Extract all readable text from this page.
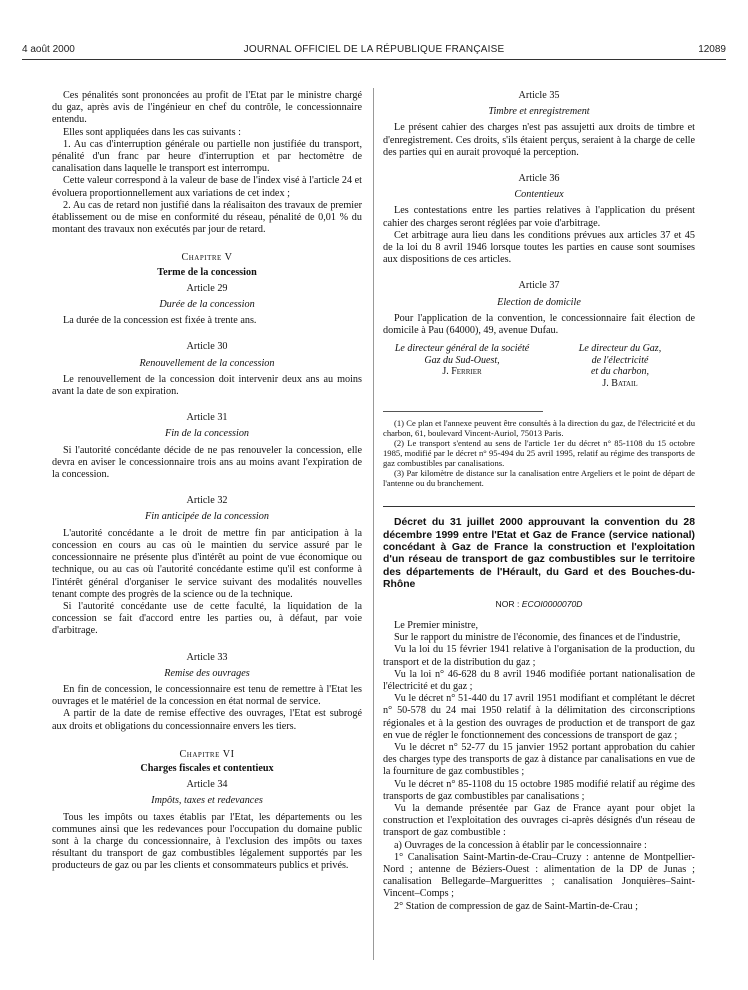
4 août 2000	JOURNAL OFFICIEL DE LA RÉPUBLIQUE FRANÇAISE	12089

Ces pénalités sont prononcées au profit de l'Etat par le ministre chargé du gaz, après avis de l'ingénieur en chef du contrôle, le concessionnaire entendu.

Elles sont appliquées dans les cas suivants :

1. Au cas d'interruption générale ou partielle non justifiée du transport, pénalité d'un franc par heure d'interruption et par hectomètre de canalisation dans laquelle le transport est interrompu.

Cette valeur correspond à la valeur de base de l'index visé à l'article 24 et évoluera proportionnellement aux variations de cet index ;

2. Au cas de retard non justifié dans la réalisaiton des travaux de premier établissement ou de mise en conformité du réseau, pénalité de 0,01 % du montant des travaux non exécutés par jour de retard.

Chapitre V
Terme de la concession
Article 29
Durée de la concession

La durée de la concession est fixée à trente ans.

Article 30
Renouvellement de la concession

Le renouvellement de la concession doit intervenir deux ans au moins avant la date de son expiration.

Article 31
Fin de la concession

Si l'autorité concédante décide de ne pas renouveler la concession, elle devra en aviser le concessionnaire trois ans au moins avant l'expiration de la concession.

Article 32
Fin anticipée de la concession

L'autorité concédante a le droit de mettre fin par anticipation à la concession en cours au cas où le maintien du service assuré par le concessionnaire ne présente plus d'intérêt au point de vue économique ou technique, ou au cas où l'autorité concédante estime qu'il est conforme à l'intérêt général d'organiser le service suivant des modalités nouvelles tenant compte des progrès de la science ou de la technique.

Si l'autorité concédante use de cette faculté, la liquidation de la concession se fait d'accord entre les parties ou, à défaut, par voie d'arbitrage.

Article 33
Remise des ouvrages

En fin de concession, le concessionnaire est tenu de remettre à l'Etat les ouvrages et le matériel de la concession en état normal de service.

A partir de la date de remise effective des ouvrages, l'Etat est subrogé aux droits et obligations du concessionnaire envers les tiers.

Chapitre VI
Charges fiscales et contentieux
Article 34
Impôts, taxes et redevances

Tous les impôts ou taxes établis par l'Etat, les départements ou les communes ainsi que les redevances pour l'occupation du domaine public sont à la charge du concessionnaire, à l'exclusion des impôts ou taxes résultant du transport de gaz combustibles légalement supportés par les producteurs de gaz ou par les clients et consommateurs publics et privés.

Article 35
Timbre et enregistrement

Le présent cahier des charges n'est pas assujetti aux droits de timbre et d'enregistrement. Ces droits, s'ils étaient perçus, seraient à la charge de celle des parties qui en aurait provoqué la perception.

Article 36
Contentieux

Les contestations entre les parties relatives à l'application du présent cahier des charges seront réglées par voie d'arbitrage.

Cet arbitrage aura lieu dans les conditions prévues aux articles 37 et 45 de la loi du 8 avril 1946 lorsque toutes les parties en cause sont soumises aux dispositions de ces articles.

Article 37
Election de domicile

Pour l'application de la convention, le concessionnaire fait élection de domicile à Pau (64000), 49, avenue Dufau.

Le directeur général de la société
Gaz du Sud-Ouest,
J. Ferrier
Le directeur du Gaz,
de l'électricité
et du charbon,
J. Batail

(1) Ce plan et l'annexe peuvent être consultés à la direction du gaz, de l'électricité et du charbon, 61, boulevard Vincent-Auriol, 75013 Paris.

(2) Le transport s'entend au sens de l'article 1er du décret n° 85-1108 du 15 octobre 1985, modifié par le décret n° 95-494 du 25 avril 1995, relatif au régime des transports de gaz combustibles par canalisations.

(3) Par kilomètre de distance sur la canalisation entre Argeliers et le point de départ de l'antenne ou du branchement.

Décret du 31 juillet 2000 approuvant la convention du 28 décembre 1999 entre l'Etat et Gaz de France (service national) concédant à Gaz de France la construction et l'exploitation d'un réseau de transport de gaz combustibles sur le territoire des départements de l'Hérault, du Gard et des Bouches-du-Rhône

NOR : ECOI0000070D

Le Premier ministre,

Sur le rapport du ministre de l'économie, des finances et de l'industrie,

Vu la loi du 15 février 1941 relative à l'organisation de la production, du transport et de la distribution du gaz ;

Vu la loi n° 46-628 du 8 avril 1946 modifiée portant nationalisation de l'électricité et du gaz ;

Vu le décret n° 51-440 du 17 avril 1951 modifiant et complétant le décret n° 50-578 du 24 mai 1950 relatif à la délimitation des circonscriptions régionales et à la gestion des ouvrages de production et de transport de gaz en vue de régler le fonctionnement des concessions de transport de gaz ;

Vu le décret n° 52-77 du 15 janvier 1952 portant approbation du cahier des charges type des transports de gaz à distance par canalisations en vue de la fourniture de gaz combustibles ;

Vu le décret n° 85-1108 du 15 octobre 1985 modifié relatif au régime des transports de gaz combustibles par canalisations ;

Vu la demande présentée par Gaz de France ayant pour objet la construction et l'exploitation des ouvrages ci-après désignés d'un réseau de transport de gaz combustible :

a) Ouvrages de la concession à établir par le concessionnaire :

1° Canalisation Saint-Martin-de-Crau–Cruzy : antenne de Montpellier-Nord ; antenne de Béziers-Ouest : alimentation de la DP de Junas ; canalisation Bellegarde–Marguerittes ; canalisation Jonquières–Saint-Vincent–Comps ;

2° Station de compression de gaz de Saint-Martin-de-Crau ;
